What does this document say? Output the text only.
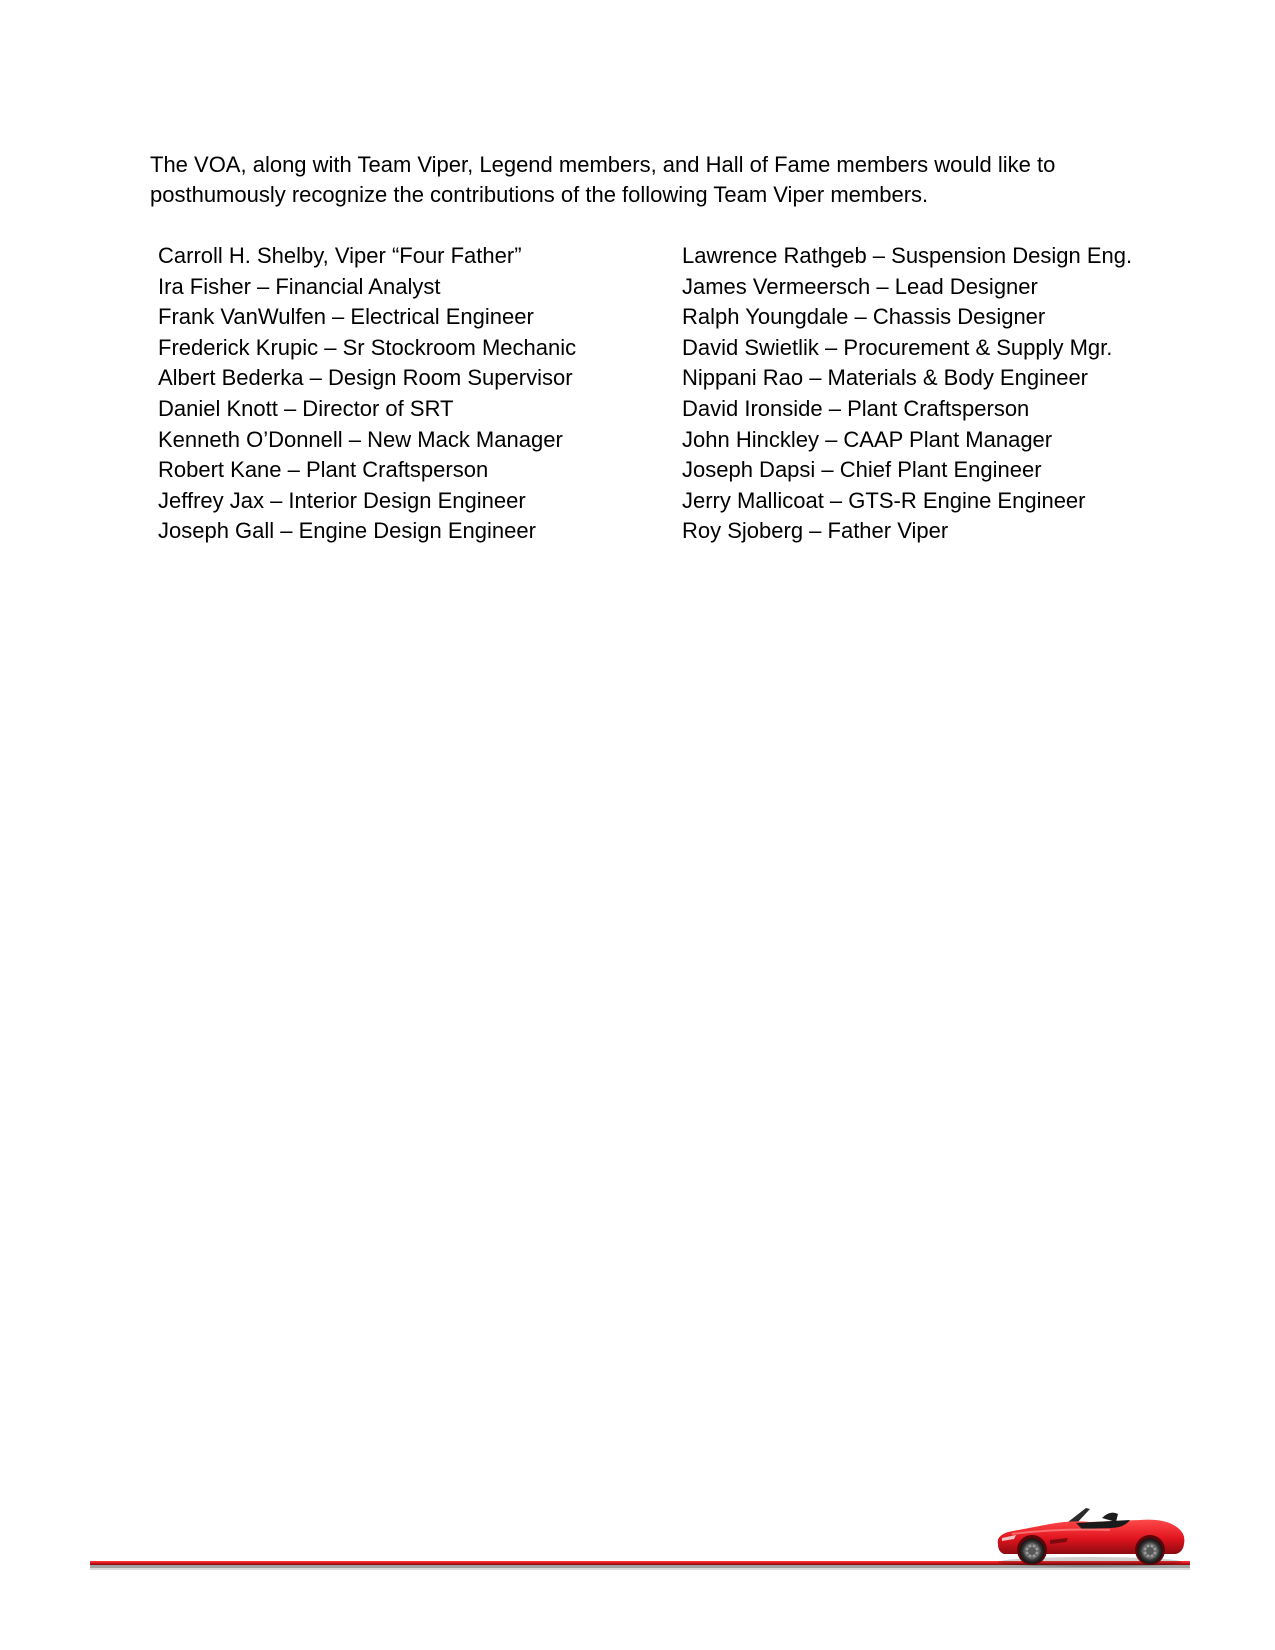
The VOA, along with Team Viper, Legend members, and Hall of Fame members would like to
posthumously recognize the contributions of the following Team Viper members.

Carroll H. Shelby, Viper “Four Father”
Ira Fisher – Financial Analyst
Frank VanWulfen – Electrical Engineer
Frederick Krupic – Sr Stockroom Mechanic
Albert Bederka – Design Room Supervisor
Daniel Knott – Director of SRT
Kenneth O’Donnell – New Mack Manager
Robert Kane – Plant Craftsperson
Jeffrey Jax – Interior Design Engineer
Joseph Gall – Engine Design Engineer
Lawrence Rathgeb – Suspension Design Eng.
James Vermeersch – Lead Designer
Ralph Youngdale – Chassis Designer
David Swietlik – Procurement & Supply Mgr.
Nippani Rao – Materials & Body Engineer
David Ironside – Plant Craftsperson
John Hinckley – CAAP Plant Manager
Joseph Dapsi – Chief Plant Engineer
Jerry Mallicoat – GTS-R Engine Engineer
Roy Sjoberg – Father Viper
